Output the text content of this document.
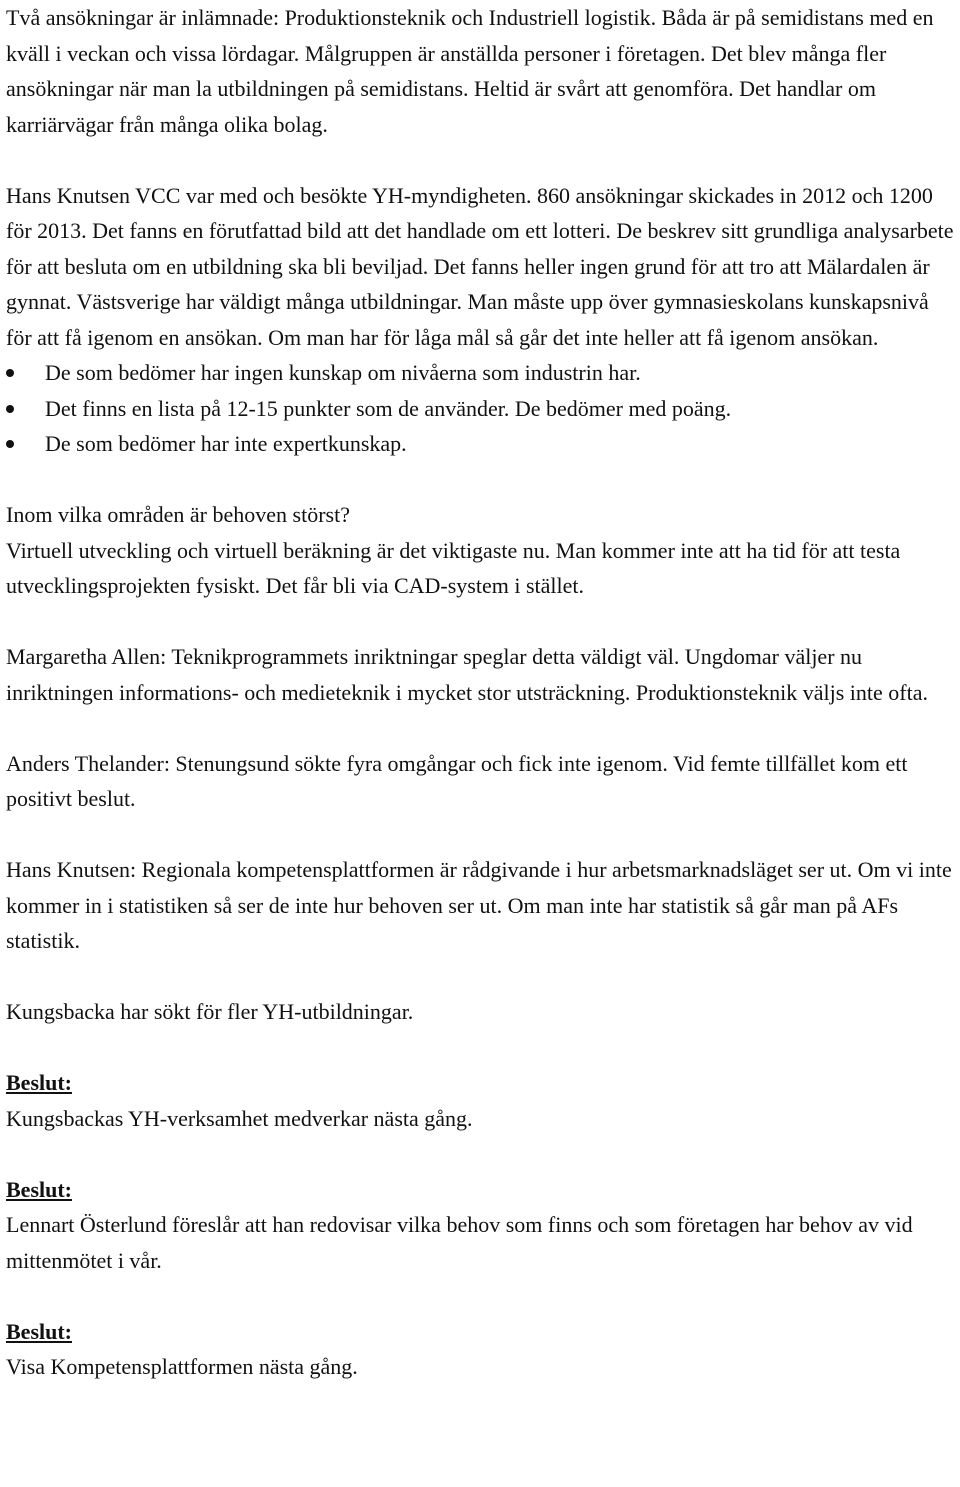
Två ansökningar är inlämnade: Produktionsteknik och Industriell logistik. Båda är på semidistans med en kväll i veckan och vissa lördagar. Målgruppen är anställda personer i företagen. Det blev många fler ansökningar när man la utbildningen på semidistans. Heltid är svårt att genomföra. Det handlar om karriärvägar från många olika bolag.

Hans Knutsen VCC var med och besökte YH-myndigheten. 860 ansökningar skickades in 2012 och 1200 för 2013. Det fanns en förutfattad bild att det handlade om ett lotteri. De beskrev sitt grundliga analysarbete för att besluta om en utbildning ska bli beviljad. Det fanns heller ingen grund för att tro att Mälardalen är gynnat. Västsverige har väldigt många utbildningar. Man måste upp över gymnasieskolans kunskapsnivå för att få igenom en ansökan. Om man har för låga mål så går det inte heller att få igenom ansökan.

De som bedömer har ingen kunskap om nivåerna som industrin har.
Det finns en lista på 12-15 punkter som de använder. De bedömer med poäng.
De som bedömer har inte expertkunskap.

Inom vilka områden är behoven störst?

Virtuell utveckling och virtuell beräkning är det viktigaste nu. Man kommer inte att ha tid för att testa utvecklingsprojekten fysiskt. Det får bli via CAD-system i stället.

Margaretha Allen: Teknikprogrammets inriktningar speglar detta väldigt väl. Ungdomar väljer nu inriktningen informations- och medieteknik i mycket stor utsträckning. Produktionsteknik väljs inte ofta.

Anders Thelander: Stenungsund sökte fyra omgångar och fick inte igenom. Vid femte tillfället kom ett positivt beslut.

Hans Knutsen: Regionala kompetensplattformen är rådgivande i hur arbetsmarknadsläget ser ut. Om vi inte kommer in i statistiken så ser de inte hur behoven ser ut. Om man inte har statistik så går man på AFs statistik.

Kungsbacka har sökt för fler YH-utbildningar.

Beslut:

Kungsbackas YH-verksamhet medverkar nästa gång.

Beslut:

Lennart Österlund föreslår att han redovisar vilka behov som finns och som företagen har behov av vid mittenmötet i vår.

Beslut:

Visa Kompetensplattformen nästa gång.
